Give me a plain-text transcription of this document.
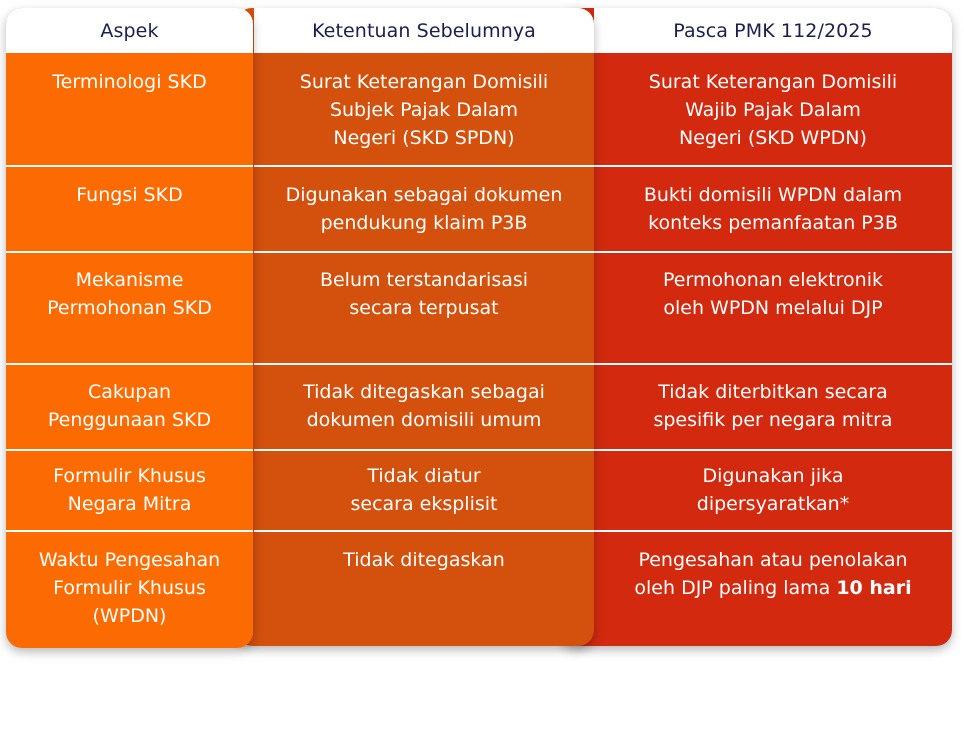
Pasca PMK 112/2025
Surat Keterangan Domisili
Wajib Pajak Dalam
Negeri (SKD WPDN)
Bukti domisili WPDN dalam
konteks pemanfaatan P3B
Permohonan elektronik
oleh WPDN melalui DJP
Tidak diterbitkan secara
spesifik per negara mitra
Digunakan jika
dipersyaratkan*
Pengesahan atau penolakan
oleh DJP paling lama 10 hari
Ketentuan Sebelumnya
Surat Keterangan Domisili
Subjek Pajak Dalam
Negeri (SKD SPDN)
Digunakan sebagai dokumen
pendukung klaim P3B
Belum terstandarisasi
secara terpusat
Tidak ditegaskan sebagai
dokumen domisili umum
Tidak diatur
secara eksplisit
Tidak ditegaskan
Aspek
Terminologi SKD
Fungsi SKD
Mekanisme
Permohonan SKD
Cakupan
Penggunaan SKD
Formulir Khusus
Negara Mitra
Waktu Pengesahan
Formulir Khusus
(WPDN)
